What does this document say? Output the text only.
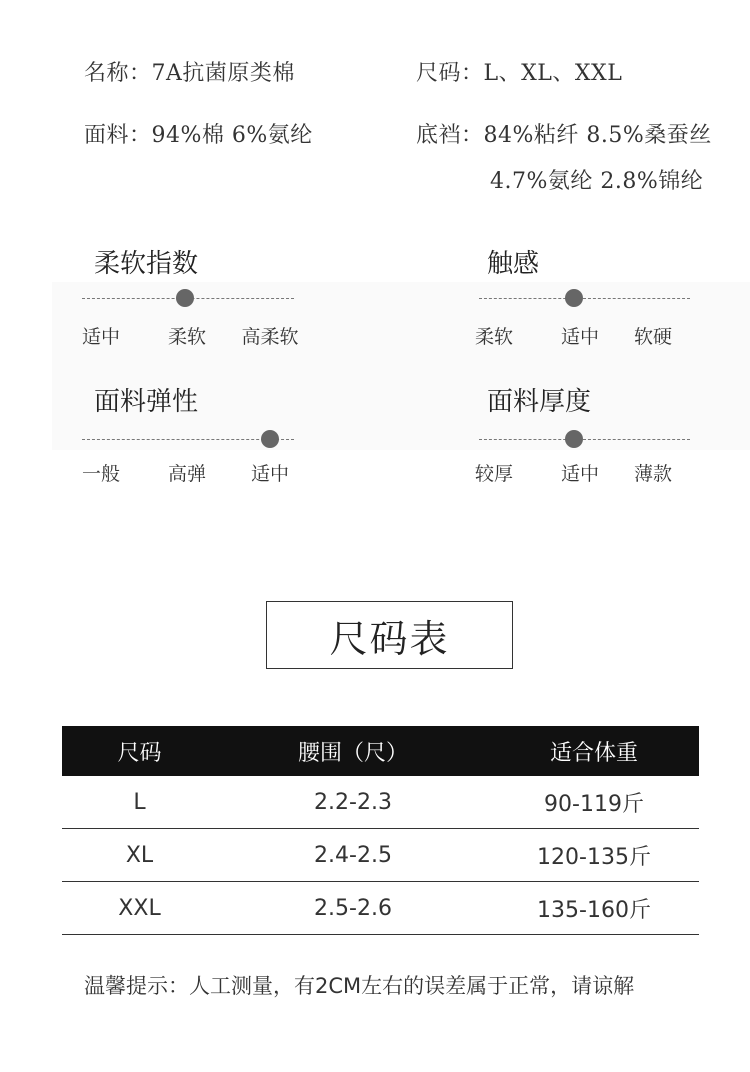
名称：7A抗菌原类棉	尺码：L、XL、XXL
面料：94%棉 6%氨纶	底裆：84%粘纤 8.5%桑蚕丝
4.7%氨纶 2.8%锦纶
柔软指数
适中	柔软 高柔软
触感
柔软	适中 软硬
面料弹性
一般	高弹 适中
面料厚度
较厚	适中 薄款
尺码表
尺码	腰围（尺）	适合体重
L	2.2-2.3	90-119斤
XL	2.4-2.5	120-135斤
XXL	2.5-2.6	135-160斤
温馨提示：人工测量，有2CM左右的误差属于正常，请谅解
